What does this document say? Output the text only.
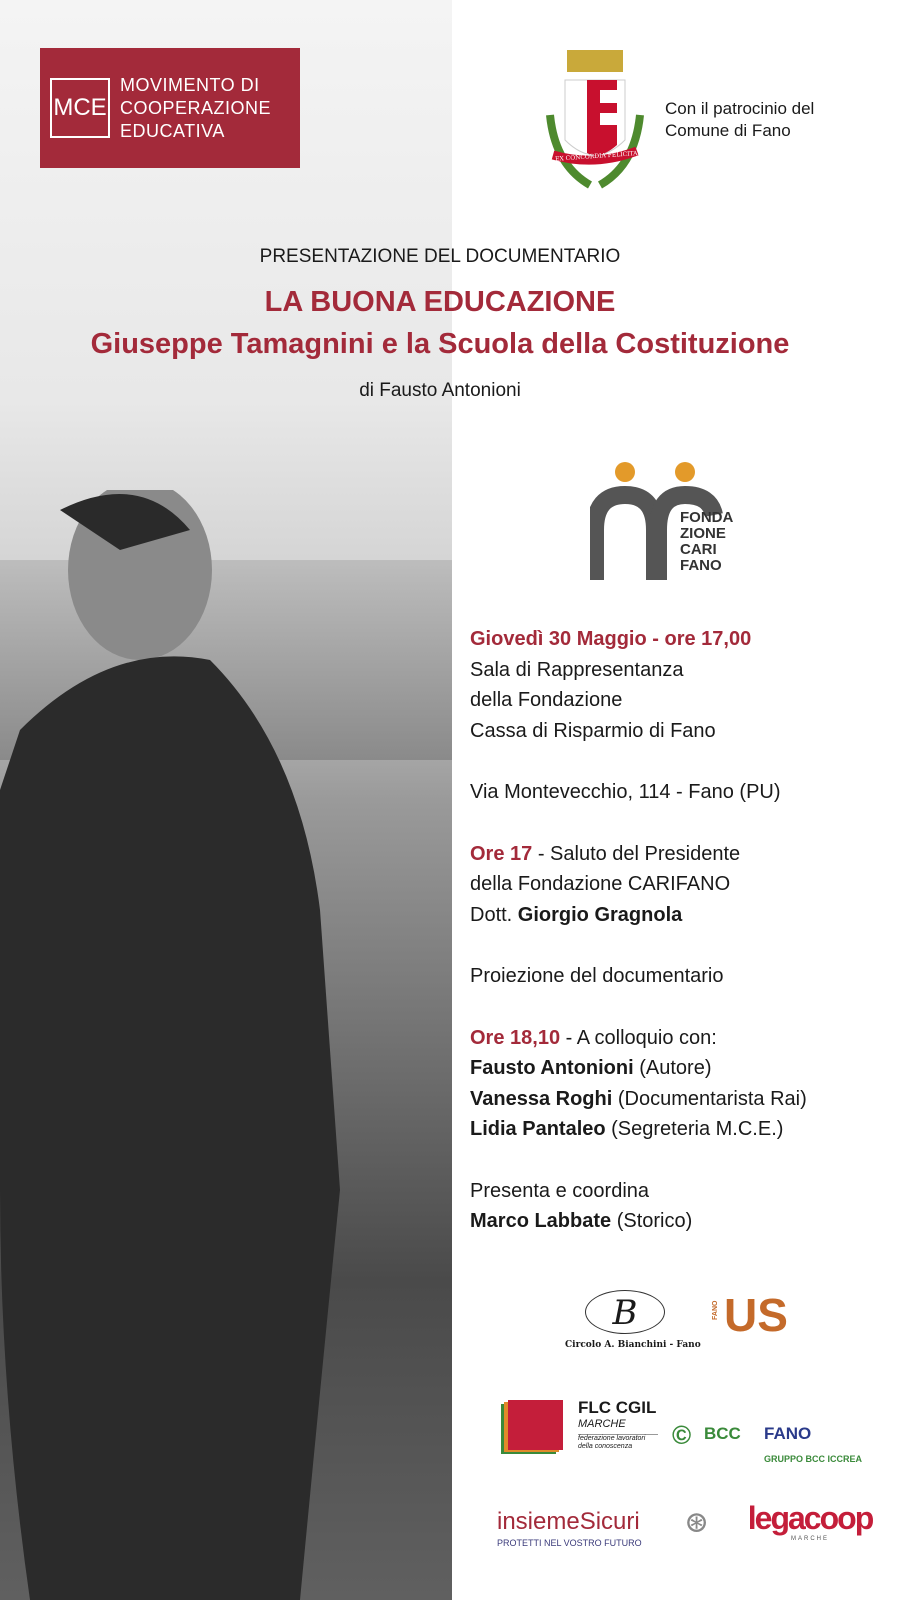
MCE
MOVIMENTO DI
COOPERAZIONE
EDUCATIVA
EX CONCORDIA FELICITAS
Con il patrocinio del
Comune di Fano
PRESENTAZIONE DEL DOCUMENTARIO
LA BUONA EDUCAZIONE
Giuseppe Tamagnini e la Scuola della Costituzione
di Fausto Antonioni
FONDA
ZIONE
CARI
FANO
Giovedì 30 Maggio - ore 17,00
Sala di Rappresentanza
della Fondazione
Cassa di Risparmio di Fano
Via Montevecchio, 114 - Fano (PU)
Ore 17 - Saluto del Presidente
della Fondazione CARIFANO
Dott. Giorgio Gragnola
Proiezione del documentario
Ore 18,10 - A colloquio con:
Fausto Antonioni (Autore)
Vanessa Roghi (Documentarista Rai)
Lidia Pantaleo (Segreteria M.C.E.)
Presenta e coordina
Marco Labbate (Storico)
B
Circolo A. Bianchini - Fano
FANO US
FLC CGIL
MARCHE
federazione lavoratori della conoscenza	© BCC FANO
GRUPPO BCC ICCREA
insiemeSicuri
PROTETTI NEL VOSTRO FUTURO
⊛ legacoop
MARCHE
